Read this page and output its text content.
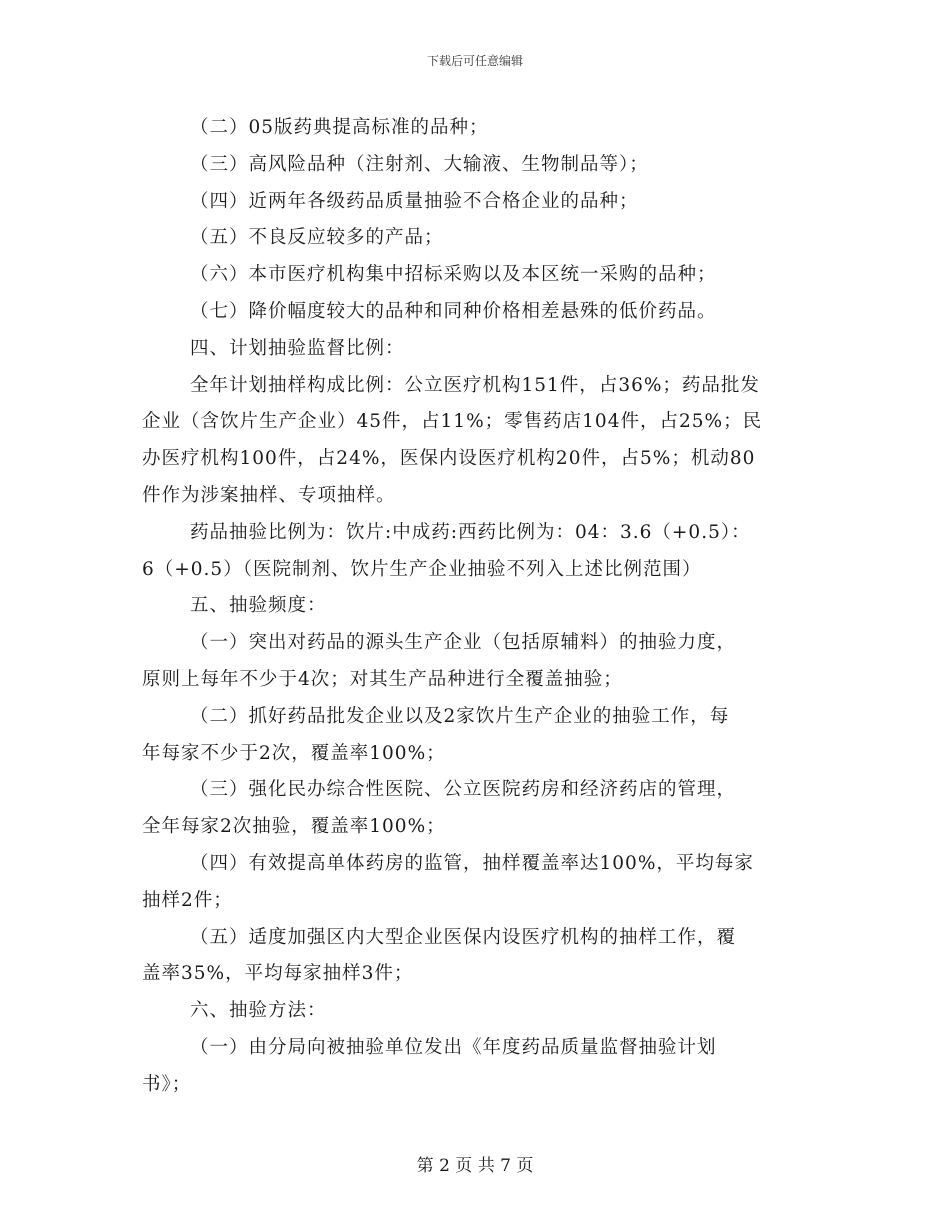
下载后可任意编辑
（二）05版药典提高标准的品种；
（三）高风险品种（注射剂、大输液、生物制品等）；
（四）近两年各级药品质量抽验不合格企业的品种；
（五）不良反应较多的产品；
（六）本市医疗机构集中招标采购以及本区统一采购的品种；
（七）降价幅度较大的品种和同种价格相差悬殊的低价药品。
四、计划抽验监督比例：
全年计划抽样构成比例：公立医疗机构151件，占36%；药品批发
企业（含饮片生产企业）45件，占11%；零售药店104件，占25%；民
办医疗机构100件，占24%，医保内设医疗机构20件，占5%；机动80
件作为涉案抽样、专项抽样。
药品抽验比例为：饮片:中成药:西药比例为：04：3.6（+0.5）：
6（+0.5）（医院制剂、饮片生产企业抽验不列入上述比例范围）
五、抽验频度：
（一）突出对药品的源头生产企业（包括原辅料）的抽验力度，
原则上每年不少于4次；对其生产品种进行全覆盖抽验；
（二）抓好药品批发企业以及2家饮片生产企业的抽验工作，每
年每家不少于2次，覆盖率100%；
（三）强化民办综合性医院、公立医院药房和经济药店的管理，
全年每家2次抽验，覆盖率100%；
（四）有效提高单体药房的监管，抽样覆盖率达100%，平均每家
抽样2件；
（五）适度加强区内大型企业医保内设医疗机构的抽样工作，覆
盖率35%，平均每家抽样3件；
六、抽验方法：
（一）由分局向被抽验单位发出《年度药品质量监督抽验计划
书》；
第 2 页 共 7 页
